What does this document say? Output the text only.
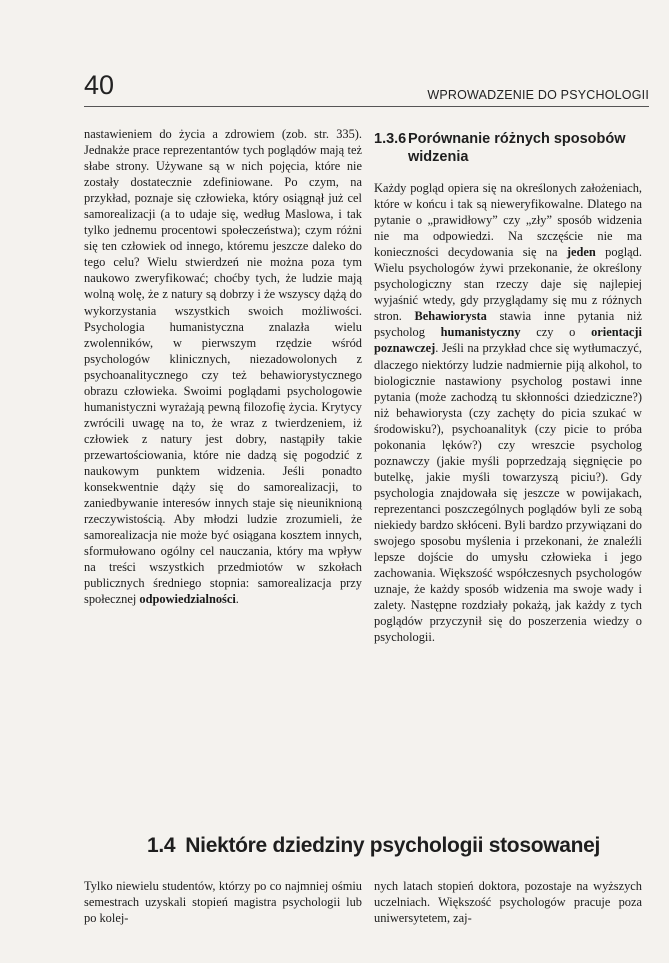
40	WPROWADZENIE DO PSYCHOLOGII

nastawieniem do życia a zdrowiem (zob. str. 335). Jednakże prace reprezentantów tych poglądów mają też słabe strony. Używane są w nich pojęcia, które nie zostały dostatecznie zdefiniowane. Po czym, na przykład, poznaje się człowieka, który osiągnął już cel samorealizacji (a to udaje się, według Maslowa, i tak tylko jednemu procentowi społeczeństwa); czym różni się ten człowiek od innego, któremu jeszcze daleko do tego celu? Wielu stwierdzeń nie można poza tym naukowo zweryfikować; choćby tych, że ludzie mają wolną wolę, że z natury są dobrzy i że wszyscy dążą do wykorzystania wszystkich swoich możliwości. Psychologia humanistyczna znalazła wielu zwolenników, w pierwszym rzędzie wśród psychologów klinicznych, niezadowolonych z psychoanalitycznego czy też behawiorystycznego obrazu człowieka. Swoimi poglądami psychologowie humanistyczni wyrażają pewną filozofię życia. Krytycy zwrócili uwagę na to, że wraz z twierdzeniem, iż człowiek z natury jest dobry, nastąpiły takie przewartościowania, które nie dadzą się pogodzić z naukowym punktem widzenia. Jeśli ponadto konsekwentnie dąży się do samorealizacji, to zaniedbywanie interesów innych staje się nieuniknioną rzeczywistością. Aby młodzi ludzie zrozumieli, że samorealizacja nie może być osiągana kosztem innych, sformułowano ogólny cel nauczania, który ma wpływ na treści wszystkich przedmiotów w szkołach publicznych średniego stopnia: samorealizacja przy społecznej odpowiedzialności.

1.3.6 Porównanie różnych sposobów widzenia

Każdy pogląd opiera się na określonych założeniach, które w końcu i tak są nieweryfikowalne. Dlatego na pytanie o „prawidłowy” czy „zły” sposób widzenia nie ma odpowiedzi. Na szczęście nie ma konieczności decydowania się na jeden pogląd. Wielu psychologów żywi przekonanie, że określony psychologiczny stan rzeczy daje się najlepiej wyjaśnić wtedy, gdy przyglądamy się mu z różnych stron. Behawiorysta stawia inne pytania niż psycholog humanistyczny czy o orientacji poznawczej. Jeśli na przykład chce się wytłumaczyć, dlaczego niektórzy ludzie nadmiernie piją alkohol, to biologicznie nastawiony psycholog postawi inne pytania (może zachodzą tu skłonności dziedziczne?) niż behawiorysta (czy zachęty do picia szukać w środowisku?), psychoanalityk (czy picie to próba pokonania lęków?) czy wreszcie psycholog poznawczy (jakie myśli poprzedzają sięgnięcie po butelkę, jakie myśli towarzyszą piciu?). Gdy psychologia znajdowała się jeszcze w powijakach, reprezentanci poszczególnych poglądów byli ze sobą niekiedy bardzo skłóceni. Byli bardzo przywiązani do swojego sposobu myślenia i przekonani, że znaleźli lepsze dojście do umysłu człowieka i jego zachowania. Większość współczesnych psychologów uznaje, że każdy sposób widzenia ma swoje wady i zalety. Następne rozdziały pokażą, jak każdy z tych poglądów przyczynił się do poszerzenia wiedzy o psychologii.

1.4 Niektóre dziedziny psychologii stosowanej

Tylko niewielu studentów, którzy po co najmniej ośmiu semestrach uzyskali stopień magistra psychologii lub po kolej-

nych latach stopień doktora, pozostaje na wyższych uczelniach. Większość psychologów pracuje poza uniwersytetem, zaj-
